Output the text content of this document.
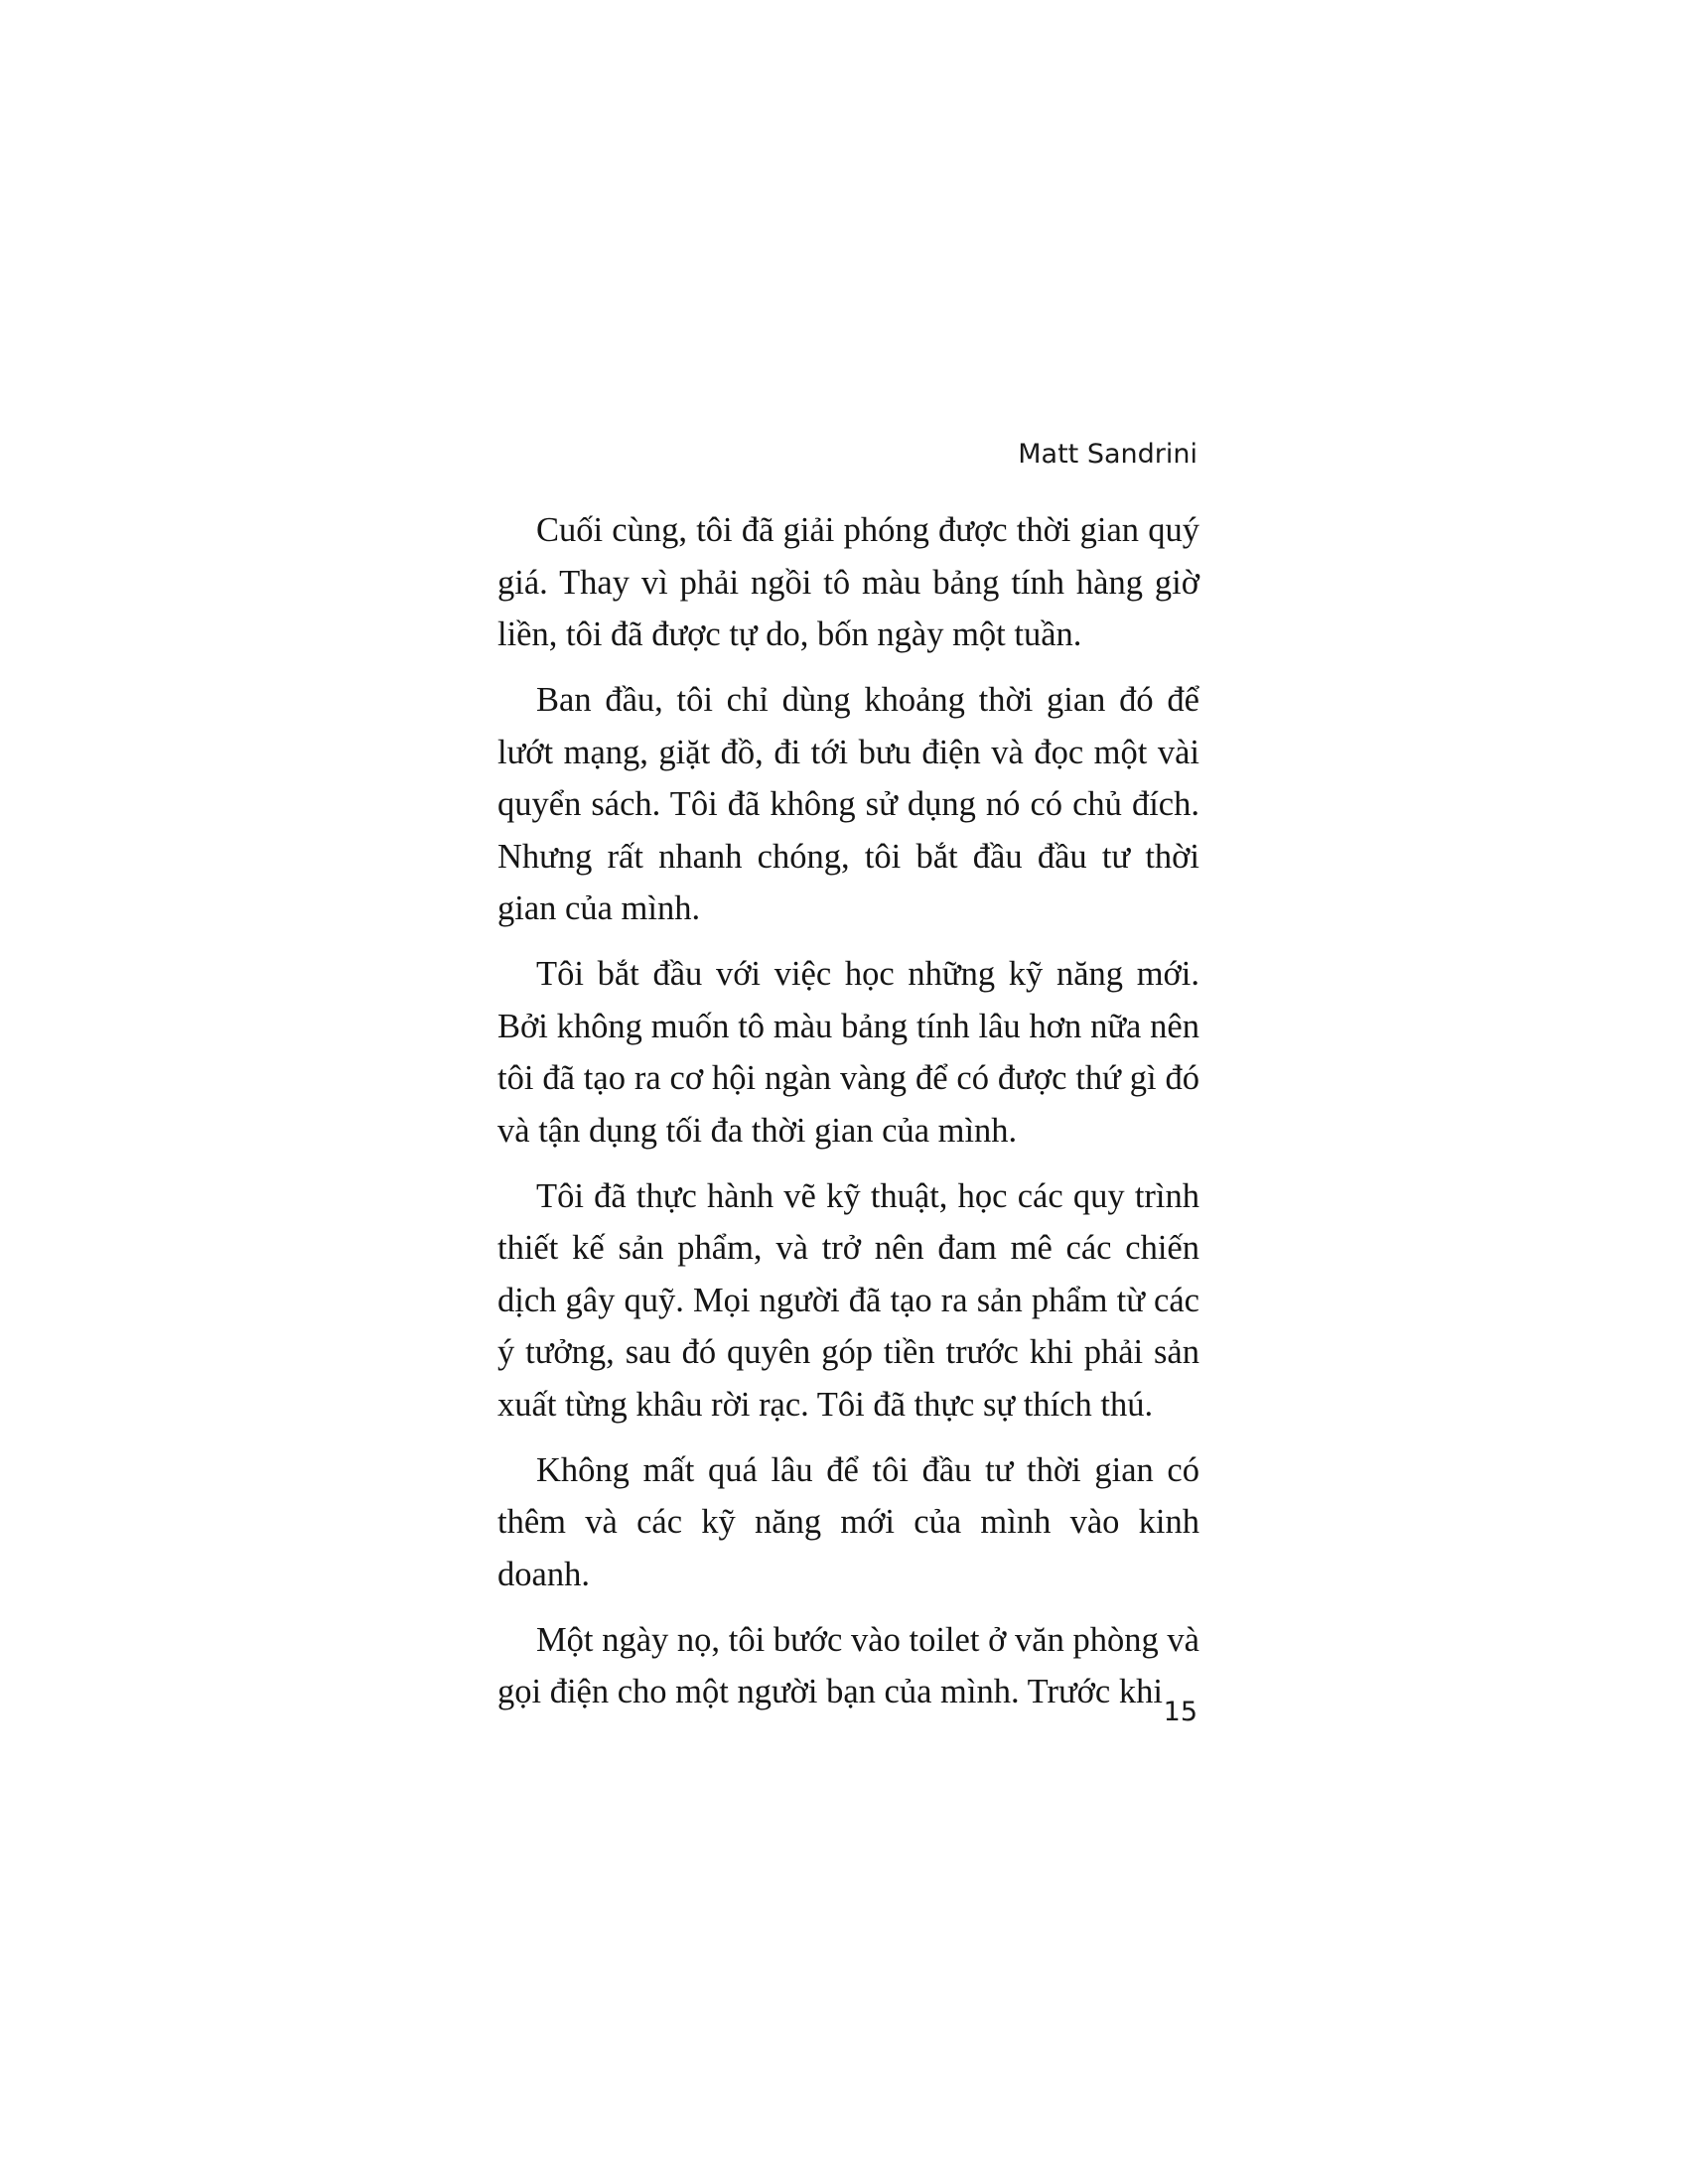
Matt Sandrini

Cuối cùng, tôi đã giải phóng được thời gian quý giá. Thay vì phải ngồi tô màu bảng tính hàng giờ liền, tôi đã được tự do, bốn ngày một tuần.

Ban đầu, tôi chỉ dùng khoảng thời gian đó để lướt mạng, giặt đồ, đi tới bưu điện và đọc một vài quyển sách. Tôi đã không sử dụng nó có chủ đích. Nhưng rất nhanh chóng, tôi bắt đầu đầu tư thời gian của mình.

Tôi bắt đầu với việc học những kỹ năng mới. Bởi không muốn tô màu bảng tính lâu hơn nữa nên tôi đã tạo ra cơ hội ngàn vàng để có được thứ gì đó và tận dụng tối đa thời gian của mình.

Tôi đã thực hành vẽ kỹ thuật, học các quy trình thiết kế sản phẩm, và trở nên đam mê các chiến dịch gây quỹ. Mọi người đã tạo ra sản phẩm từ các ý tưởng, sau đó quyên góp tiền trước khi phải sản xuất từng khâu rời rạc. Tôi đã thực sự thích thú.

Không mất quá lâu để tôi đầu tư thời gian có thêm và các kỹ năng mới của mình vào kinh doanh.

Một ngày nọ, tôi bước vào toilet ở văn phòng và gọi điện cho một người bạn của mình. Trước khi

15
